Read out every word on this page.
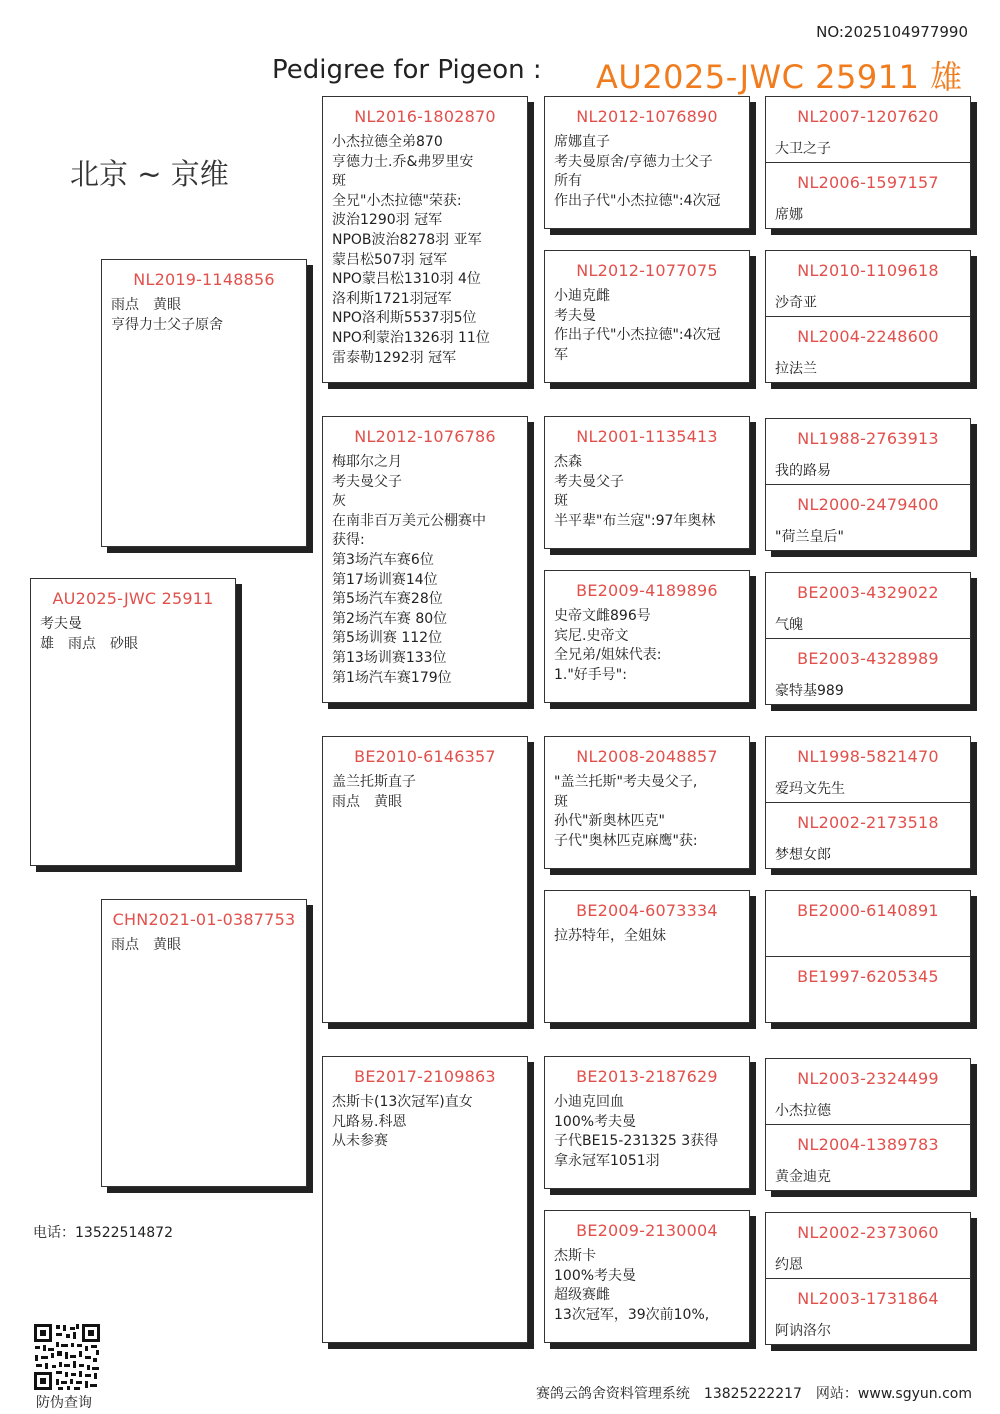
NO:2025104977990
Pedigree for Pigeon : AU2025-JWC 25911 雄
北京 ~ 京维
AU2025-JWC 25911
考夫曼
雄　雨点　砂眼
NL2019-1148856
雨点　黄眼
亨得力士父子原舍
CHN2021-01-0387753
雨点　黄眼
NL2016-1802870
小杰拉德全弟870
亨德力士.乔&弗罗里安
斑
全兄"小杰拉德"荣获:
波治1290羽 冠军
NPOB波治8278羽 亚军
蒙吕松507羽 冠军
NPO蒙吕松1310羽 4位
洛利斯1721羽冠军
NPO洛利斯5537羽5位
NPO利蒙治1326羽 11位
雷泰勒1292羽 冠军
NL2012-1076786
梅耶尔之月
考夫曼父子
灰
在南非百万美元公棚赛中
获得:
第3场汽车赛6位
第17场训赛14位
第5场汽车赛28位
第2场汽车赛 80位
第5场训赛 112位
第13场训赛133位
第1场汽车赛179位
BE2010-6146357
盖兰托斯直子
雨点　黄眼
BE2017-2109863
杰斯卡(13次冠军)直女
凡路易.科恩
从未参赛
NL2012-1076890
席娜直子
考夫曼原舍/亨德力士父子
所有
作出子代"小杰拉德":4次冠
NL2012-1077075
小迪克雌
考夫曼
作出子代"小杰拉德":4次冠
军
NL2001-1135413
杰森
考夫曼父子
斑
半平辈"布兰寇":97年奥林
BE2009-4189896
史帝文雌896号
宾尼.史帝文
全兄弟/姐妹代表:
1."好手号":
NL2008-2048857
"盖兰托斯"考夫曼父子,
斑
孙代"新奥林匹克"
子代"奥林匹克麻鹰"获:
BE2004-6073334
拉苏特年，全姐妹
BE2013-2187629
小迪克回血
100%考夫曼
子代BE15-231325 3获得
拿永冠军1051羽
BE2009-2130004
杰斯卡
100%考夫曼
超级赛雌
13次冠军，39次前10%,
NL2007-1207620
大卫之子
NL2006-1597157
席娜
NL2010-1109618
沙奇亚
NL2004-2248600
拉法兰
NL1988-2763913
我的路易
NL2000-2479400
"荷兰皇后"
BE2003-4329022
气魄
BE2003-4328989
豪特基989
NL1998-5821470
爱玛文先生
NL2002-2173518
梦想女郎
BE2000-6140891
BE1997-6205345
NL2003-2324499
小杰拉德
NL2004-1389783
黄金迪克
NL2002-2373060
约恩
NL2003-1731864
阿讷洛尔
电话：13522514872
防伪查询
赛鸽云鸽舍资料管理系统　13825222217　网站：www.sgyun.com
